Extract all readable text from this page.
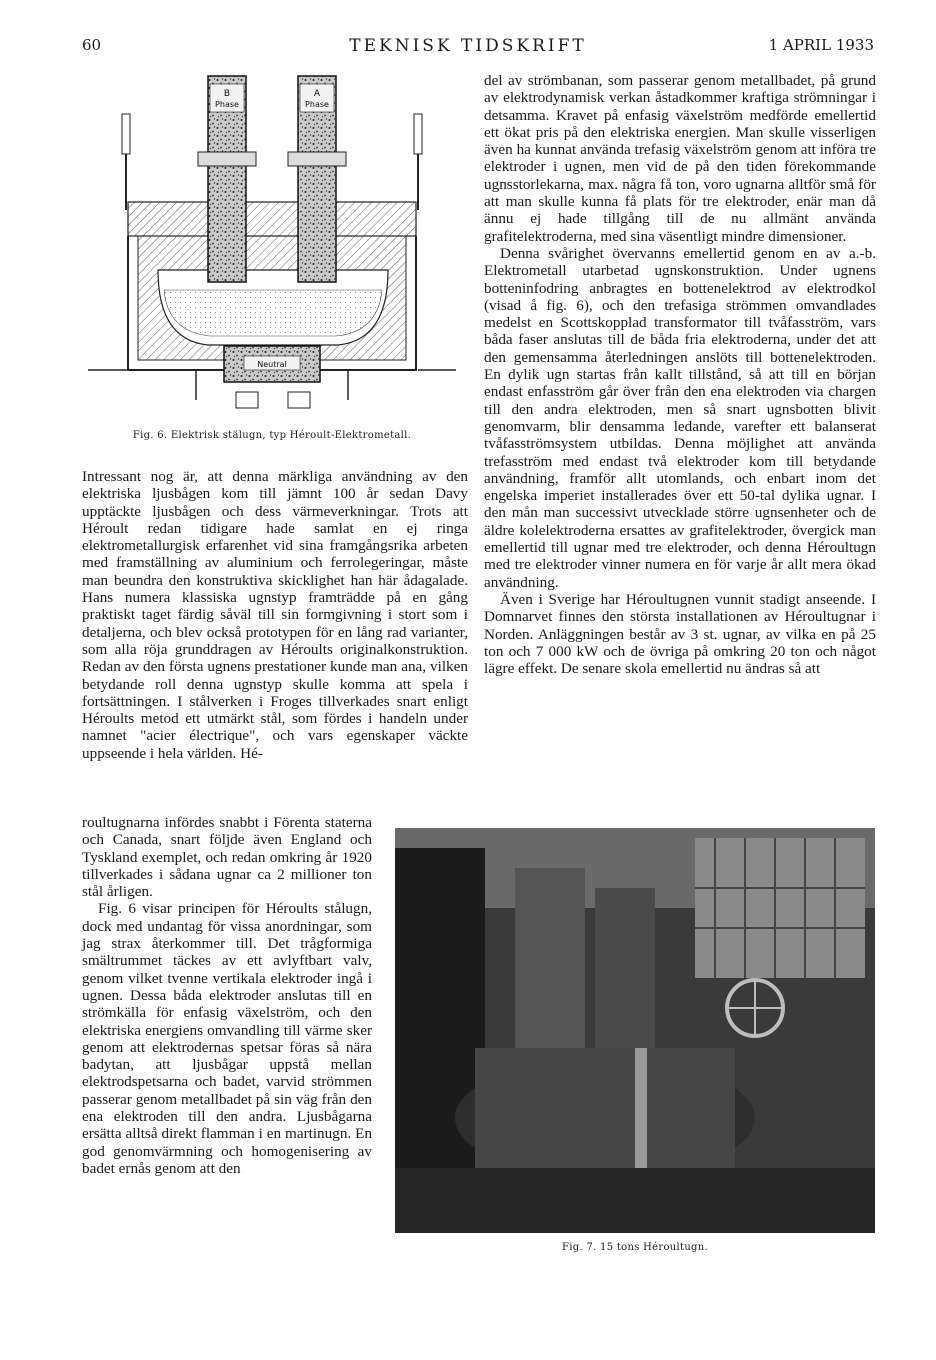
60	TEKNISK TIDSKRIFT	1 APRIL 1933
B
Phase
A
Phase
Neutral
Fig. 6. Elektrisk stälugn, typ Héroult-Elektrometall.

Intressant nog är, att denna märkliga användning av den elektriska ljusbågen kom till jämnt 100 år sedan Davy upptäckte ljusbågen och dess värmeverkningar. Trots att Héroult redan tidigare hade samlat en ej ringa elektrometallurgisk erfarenhet vid sina framgångsrika arbeten med framställning av aluminium och ferrolegeringar, måste man beundra den konstruktiva skicklighet han här ådagalade. Hans numera klassiska ugnstyp framträdde på en gång praktiskt taget färdig såväl till sin formgivning i stort som i detaljerna, och blev också prototypen för en lång rad varianter, som alla röja grunddragen av Héroults originalkonstruktion. Redan av den första ugnens prestationer kunde man ana, vilken betydande roll denna ugnstyp skulle komma att spela i fortsättningen. I stålverken i Froges tillverkades snart enligt Héroults metod ett utmärkt stål, som fördes i handeln under namnet "acier électrique", och vars egenskaper väckte uppseende i hela världen. Hé-

roultugnarna infördes snabbt i Förenta staterna och Canada, snart följde även England och Tyskland exemplet, och redan omkring år 1920 tillverkades i sådana ugnar ca 2 millioner ton stål årligen.

Fig. 6 visar principen för Héroults stålugn, dock med undantag för vissa anordningar, som jag strax återkommer till. Det trågformiga smältrummet täckes av ett avlyftbart valv, genom vilket tvenne vertikala elektroder ingå i ugnen. Dessa båda elektroder anslutas till en strömkälla för enfasig växelström, och den elektriska energiens omvandling till värme sker genom att elektrodernas spetsar föras så nära badytan, att ljusbågar uppstå mellan elektrodspetsarna och badet, varvid strömmen passerar genom metallbadet på sin väg från den ena elektroden till den andra. Ljusbågarna ersätta alltså direkt flamman i en martinugn. En god genomvärmning och homogenisering av badet ernås genom att den

del av strömbanan, som passerar genom metallbadet, på grund av elektrodynamisk verkan åstadkommer kraftiga strömningar i detsamma. Kravet på enfasig växelström medförde emellertid ett ökat pris på den elektriska energien. Man skulle visserligen även ha kunnat använda trefasig växelström genom att införa tre elektroder i ugnen, men vid de på den tiden förekommande ugnsstorlekarna, max. några få ton, voro ugnarna alltför små för att man skulle kunna få plats för tre elektroder, enär man då ännu ej hade tillgång till de nu allmänt använda grafitelektroderna, med sina väsentligt mindre dimensioner.

Denna svårighet övervanns emellertid genom en av a.-b. Elektrometall utarbetad ugnskonstruktion. Under ugnens botteninfodring anbragtes en bottenelektrod av elektrodkol (visad å fig. 6), och den trefasiga strömmen omvandlades medelst en Scottskopplad transformator till tvåfasström, vars båda faser anslutas till de båda fria elektroderna, under det att den gemensamma återledningen anslöts till bottenelektroden. En dylik ugn startas från kallt tillstånd, så att till en början endast enfasström går över från den ena elektroden via chargen till den andra elektroden, men så snart ugnsbotten blivit genomvarm, blir densamma ledande, varefter ett balanserat tvåfasströmsystem utbildas. Denna möjlighet att använda trefasström med endast två elektroder kom till betydande användning, framför allt utomlands, och enbart inom det engelska imperiet installerades över ett 50-tal dylika ugnar. I den mån man successivt utvecklade större ugnsenheter och de äldre kolelektroderna ersattes av grafitelektroder, övergick man emellertid till ugnar med tre elektroder, och denna Héroultugn med tre elektroder vinner numera en för varje år allt mera ökad användning.

Även i Sverige har Héroultugnen vunnit stadigt anseende. I Domnarvet finnes den största installationen av Héroultugnar i Norden. Anläggningen består av 3 st. ugnar, av vilka en på 25 ton och 7 000 kW och de övriga på omkring 20 ton och något lägre effekt. De senare skola emellertid nu ändras så att

Fig. 7. 15 tons Héroultugn.
